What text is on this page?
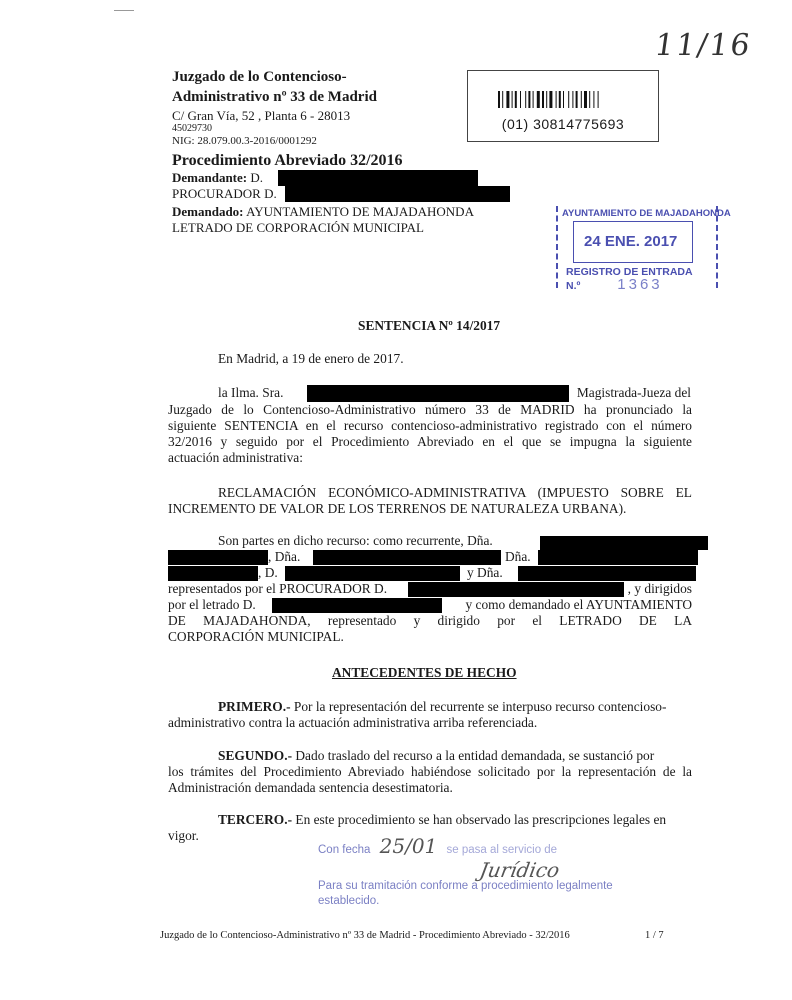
11/16
Juzgado de lo Contencioso-
Administrativo nº 33 de Madrid
C/ Gran Vía, 52 , Planta 6 - 28013
45029730
NIG: 28.079.00.3-2016/0001292
Procedimiento Abreviado 32/2016
Demandante: D.
PROCURADOR D.
Demandado: AYUNTAMIENTO DE MAJADAHONDA
LETRADO DE CORPORACIÓN MUNICIPAL
(01) 30814775693
AYUNTAMIENTO DE MAJADAHONDA
24 ENE. 2017
REGISTRO DE ENTRADA
N.º 1363
SENTENCIA Nº 14/2017
En Madrid, a 19 de enero de 2017.
la Ilma. Sra.	Magistrada-Jueza del
Juzgado de lo Contencioso-Administrativo número 33 de MADRID ha pronunciado la
siguiente SENTENCIA en el recurso contencioso-administrativo registrado con el número
32/2016 y seguido por el Procedimiento Abreviado en el que se impugna la siguiente
actuación administrativa:
RECLAMACIÓN ECONÓMICO-ADMINISTRATIVA (IMPUESTO SOBRE EL
INCREMENTO DE VALOR DE LOS TERRENOS DE NATURALEZA URBANA).
Son partes en dicho recurso: como recurrente, Dña.
, Dña.	Dña.
, D.	y Dña.
representados por el PROCURADOR D.	, y dirigidos
por el letrado D.	y como demandado el AYUNTAMIENTO
DE MAJADAHONDA, representado y dirigido por el LETRADO DE LA
CORPORACIÓN MUNICIPAL.
ANTECEDENTES DE HECHO
PRIMERO.- Por la representación del recurrente se interpuso recurso contencioso-
administrativo contra la actuación administrativa arriba referenciada.
SEGUNDO.- Dado traslado del recurso a la entidad demandada, se sustanció por
los trámites del Procedimiento Abreviado habiéndose solicitado por la representación de la
Administración demandada sentencia desestimatoria.
TERCERO.- En este procedimiento se han observado las prescripciones legales en
vigor.
Con fecha 25/01 se pasa al servicio de
Jurídico
Para su tramitación conforme a procedimiento legalmente
establecido.
Juzgado de lo Contencioso-Administrativo nº 33 de Madrid - Procedimiento Abreviado - 32/2016	1 / 7
